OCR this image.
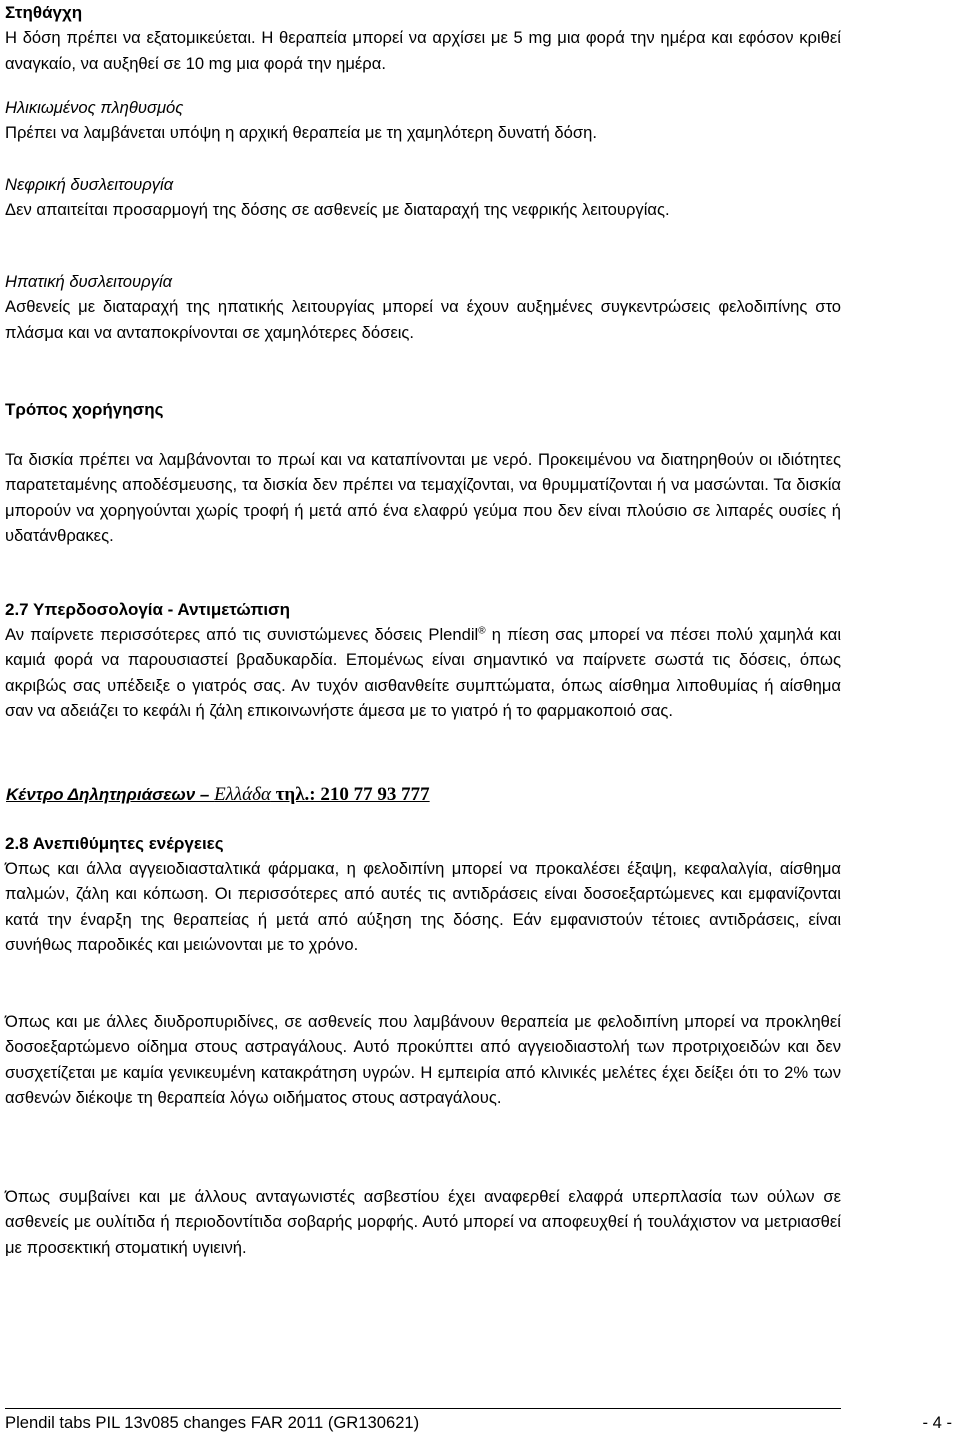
Στηθάγχη
Η δόση πρέπει να εξατομικεύεται. Η θεραπεία μπορεί να αρχίσει με 5 mg μια φορά την ημέρα και εφόσον κριθεί αναγκαίο, να αυξηθεί σε 10 mg μια φορά την ημέρα.
Ηλικιωμένος πληθυσμός
Πρέπει να λαμβάνεται υπόψη η αρχική θεραπεία με τη χαμηλότερη δυνατή δόση.
Νεφρική δυσλειτουργία
Δεν απαιτείται προσαρμογή της δόσης σε ασθενείς με διαταραχή της νεφρικής λειτουργίας.
Ηπατική δυσλειτουργία
Ασθενείς με διαταραχή της ηπατικής λειτουργίας μπορεί να έχουν αυξημένες συγκεντρώσεις φελοδιπίνης στο πλάσμα και να ανταποκρίνονται σε χαμηλότερες δόσεις.
Τρόπος χορήγησης
Τα δισκία πρέπει να λαμβάνονται το πρωί και να καταπίνονται με νερό. Προκειμένου να διατηρηθούν οι ιδιότητες παρατεταμένης αποδέσμευσης, τα δισκία δεν πρέπει να τεμαχίζονται, να θρυμματίζονται ή να μασώνται. Τα δισκία μπορούν να χορηγούνται χωρίς τροφή ή μετά από ένα ελαφρύ γεύμα που δεν είναι πλούσιο σε λιπαρές ουσίες ή υδατάνθρακες.
2.7 Υπερδοσολογία - Αντιμετώπιση
Αν παίρνετε περισσότερες από τις συνιστώμενες δόσεις Plendil® η πίεση σας μπορεί να πέσει πολύ χαμηλά και καμιά φορά να παρουσιαστεί βραδυκαρδία. Επομένως είναι σημαντικό να παίρνετε σωστά τις δόσεις, όπως ακριβώς σας υπέδειξε ο γιατρός σας. Αν τυχόν αισθανθείτε συμπτώματα, όπως αίσθημα λιποθυμίας ή αίσθημα σαν να αδειάζει το κεφάλι ή ζάλη επικοινωνήστε άμεσα με το γιατρό ή το φαρμακοποιό σας.
Κέντρο Δηλητηριάσεων – Ελλάδα τηλ.: 210 77 93 777
2.8 Ανεπιθύμητες ενέργειες
Όπως και άλλα αγγειοδιασταλτικά φάρμακα, η φελοδιπίνη μπορεί να προκαλέσει έξαψη, κεφαλαλγία, αίσθημα παλμών, ζάλη και κόπωση. Οι περισσότερες από αυτές τις αντιδράσεις είναι δοσοεξαρτώμενες και εμφανίζονται κατά την έναρξη της θεραπείας ή μετά από αύξηση της δόσης. Εάν εμφανιστούν τέτοιες αντιδράσεις, είναι συνήθως παροδικές και μειώνονται με το χρόνο.
Όπως και με άλλες διυδροπυριδίνες, σε ασθενείς που λαμβάνουν θεραπεία με φελοδιπίνη μπορεί να προκληθεί δοσοεξαρτώμενο οίδημα στους αστραγάλους. Αυτό προκύπτει από αγγειοδιαστολή των προτριχοειδών και δεν συσχετίζεται με καμία γενικευμένη κατακράτηση υγρών. Η εμπειρία από κλινικές μελέτες έχει δείξει ότι το 2% των ασθενών διέκοψε τη θεραπεία λόγω οιδήματος στους αστραγάλους.
Όπως συμβαίνει και με άλλους ανταγωνιστές ασβεστίου έχει αναφερθεί ελαφρά υπερπλασία των ούλων σε ασθενείς με ουλίτιδα ή περιοδοντίτιδα σοβαρής μορφής. Αυτό μπορεί να αποφευχθεί ή τουλάχιστον να μετριασθεί με προσεκτική στοματική υγιεινή.
Plendil tabs PIL 13v085 changes FAR 2011 (GR130621)	- 4 -
